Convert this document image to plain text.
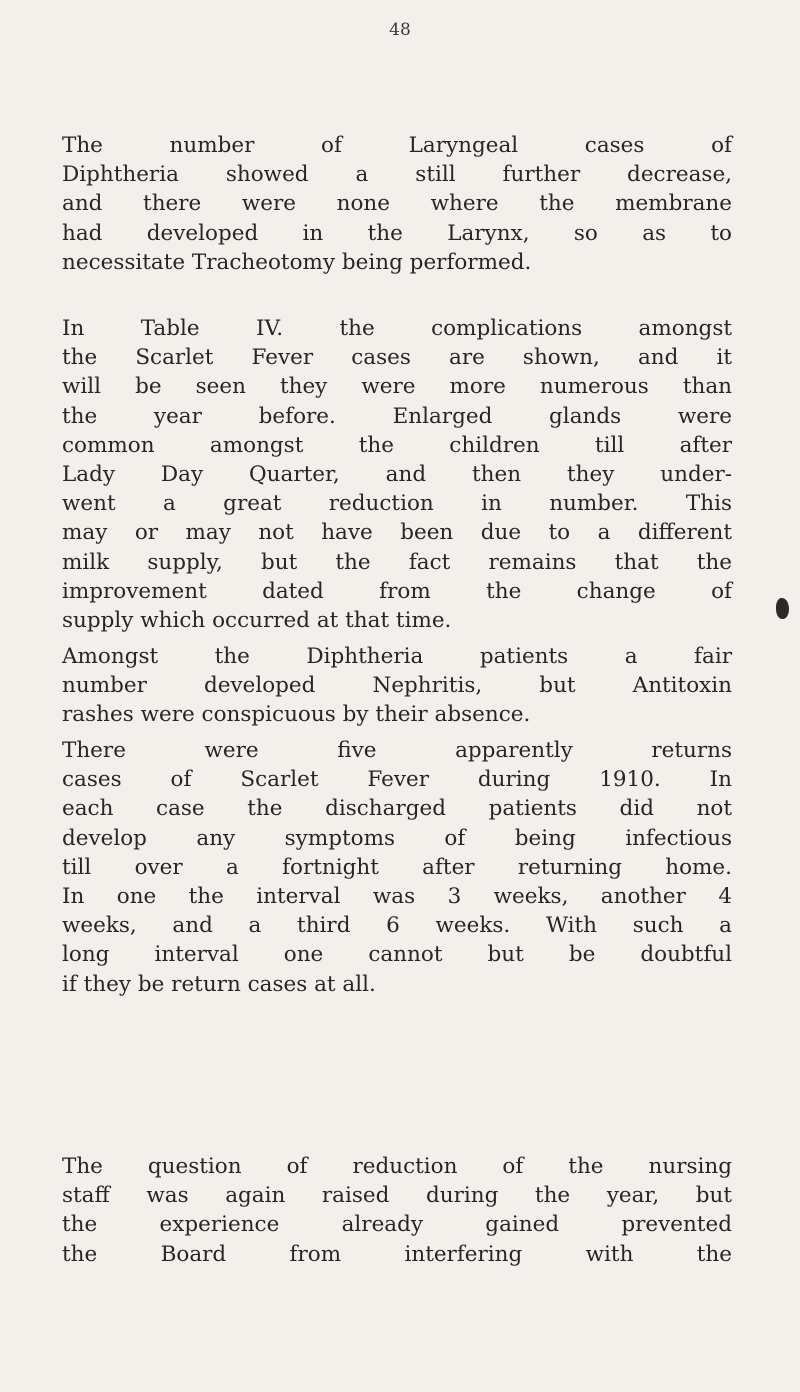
48
The number of Laryngeal cases of
Diphtheria showed a still further decrease,
and there were none where the membrane
had developed in the Larynx, so as to
necessitate Tracheotomy being performed.
In Table IV. the complications amongst
the Scarlet Fever cases are shown, and it
will be seen they were more numerous than
the year before. Enlarged glands were
common amongst the children till after
Lady Day Quarter, and then they under-
went a great reduction in number. This
may or may not have been due to a different
milk supply, but the fact remains that the
improvement dated from the change of
supply which occurred at that time.
Amongst the Diphtheria patients a fair
number developed Nephritis, but Antitoxin
rashes were conspicuous by their absence.
There were five apparently returns
cases of Scarlet Fever during 1910. In
each case the discharged patients did not
develop any symptoms of being infectious
till over a fortnight after returning home.
In one the interval was 3 weeks, another 4
weeks, and a third 6 weeks. With such a
long interval one cannot but be doubtful
if they be return cases at all.
The question of reduction of the nursing
staff was again raised during the year, but
the experience already gained prevented
the Board from interfering with the
